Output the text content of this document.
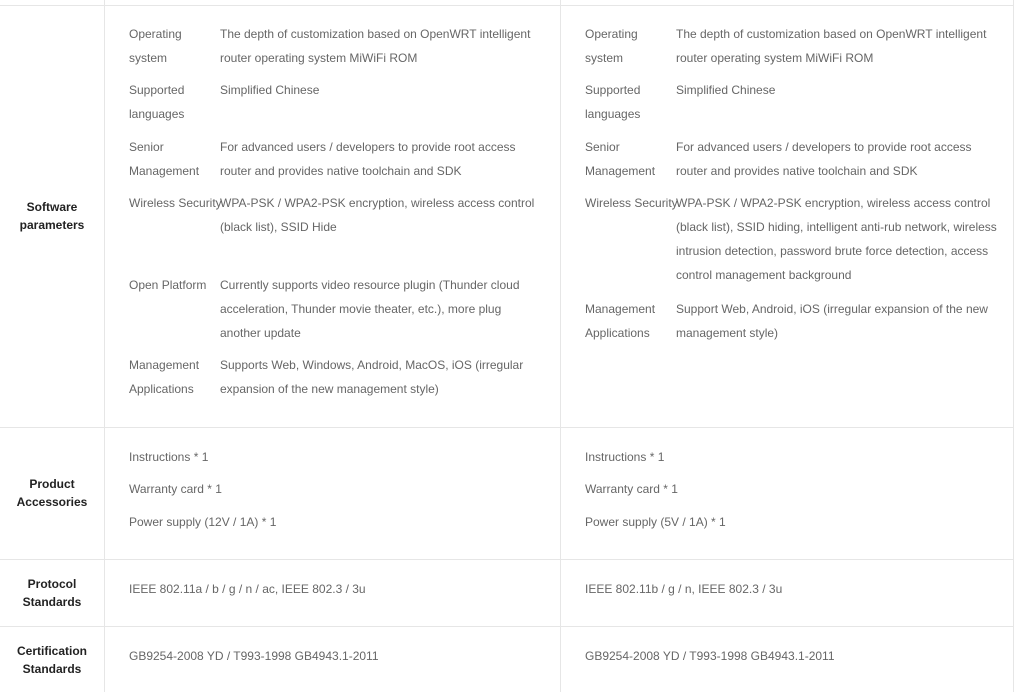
Software
parameters
Product
Accessories
Protocol
Standards
Certification
Standards
Operating
system
The depth of customization based on OpenWRT intelligent router operating system MiWiFi ROM
Supported
languages
Simplified Chinese
Senior
Management
For advanced users / developers to provide root access router and provides native toolchain and SDK
Wireless Security
WPA-PSK / WPA2-PSK encryption, wireless access control (black list), SSID Hide
Open Platform Currently supports video resource plugin (Thunder cloud acceleration, Thunder movie theater, etc.), more plug another update
Management
Applications
Supports Web, Windows, Android, MacOS, iOS (irregular expansion of the new management style)
Operating
system
The depth of customization based on OpenWRT intelligent router operating system MiWiFi ROM
Supported
languages
Simplified Chinese
Senior
Management
For advanced users / developers to provide root access router and provides native toolchain and SDK
Wireless Security
WPA-PSK / WPA2-PSK encryption, wireless access control (black list), SSID hiding, intelligent anti-rub network, wireless intrusion detection, password brute force detection, access control management background
Management
Applications
Support Web, Android, iOS (irregular expansion of the new management style)
Instructions * 1
Warranty card * 1
Power supply (12V / 1A) * 1
Instructions * 1
Warranty card * 1
Power supply (5V / 1A) * 1
IEEE 802.11a / b / g / n / ac, IEEE 802.3 / 3u	IEEE 802.11b / g / n, IEEE 802.3 / 3u
GB9254-2008 YD / T993-1998 GB4943.1-2011	GB9254-2008 YD / T993-1998 GB4943.1-2011
